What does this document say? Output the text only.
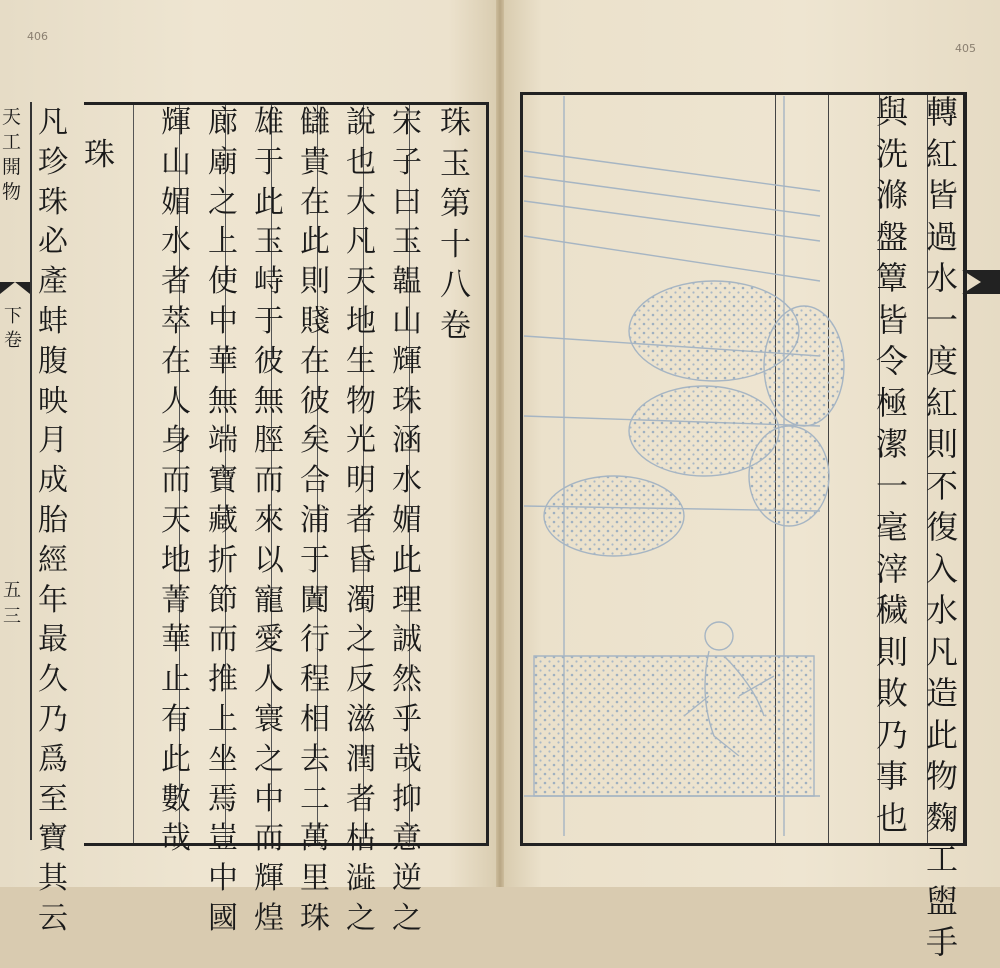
406
405
天
工
開
物
下
卷
五
三
珠
玉
第
十
八
卷
宋
子
曰
玉
韞
山
輝
珠
涵
水
媚
此
理
誠
然
乎
哉
抑
意
逆
之
說
也
大
凡
天
地
生
物
光
明
者
昏
濁
之
反
滋
潤
者
枯
澁
之
讎
貴
在
此
則
賤
在
彼
矣
合
浦
于
闐
行
程
相
去
二
萬
里
珠
雄
于
此
玉
峙
于
彼
無
脛
而
來
以
寵
愛
人
寰
之
中
而
輝
煌
廊
廟
之
上
使
中
華
無
端
寶
藏
折
節
而
推
上
坐
焉
豈
中
國
輝
山
媚
水
者
萃
在
人
身
而
天
地
菁
華
止
有
此
數
哉
珠
凡
珍
珠
必
產
蚌
腹
映
月
成
胎
經
年
最
久
乃
爲
至
寶
其
云
轉
紅
皆
過
水
一
度
紅
則
不
復
入
水
凡
造
此
物
麴
工
盥
手
與
洗
滌
盤
簟
皆
令
極
潔
一
毫
滓
穢
則
敗
乃
事
也
